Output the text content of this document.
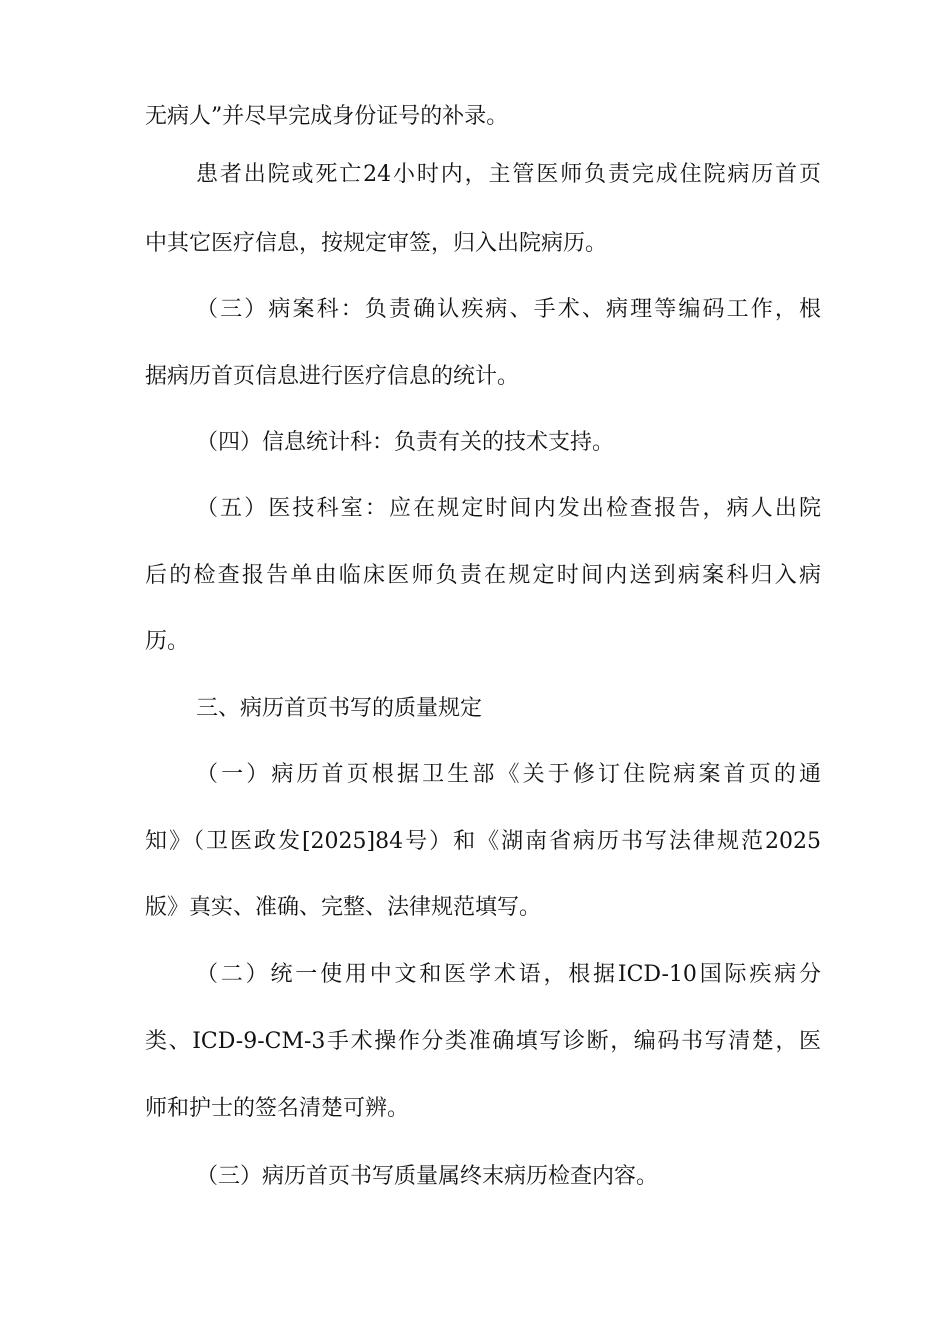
无病人”并尽早完成身份证号的补录。
患者出院或死亡24小时内，主管医师负责完成住院病历首页
中其它医疗信息，按规定审签，归入出院病历。
（三）病案科：负责确认疾病、手术、病理等编码工作，根
据病历首页信息进行医疗信息的统计。
（四）信息统计科：负责有关的技术支持。
（五）医技科室：应在规定时间内发出检查报告，病人出院
后的检查报告单由临床医师负责在规定时间内送到病案科归入病
历。
三、病历首页书写的质量规定
（一）病历首页根据卫生部《关于修订住院病案首页的通
知》（卫医政发[2025]84号）和《湖南省病历书写法律规范2025
版》真实、准确、完整、法律规范填写。
（二）统一使用中文和医学术语，根据ICD-10国际疾病分
类、ICD-9-CM-3手术操作分类准确填写诊断，编码书写清楚，医
师和护士的签名清楚可辨。
（三）病历首页书写质量属终末病历检查内容。
